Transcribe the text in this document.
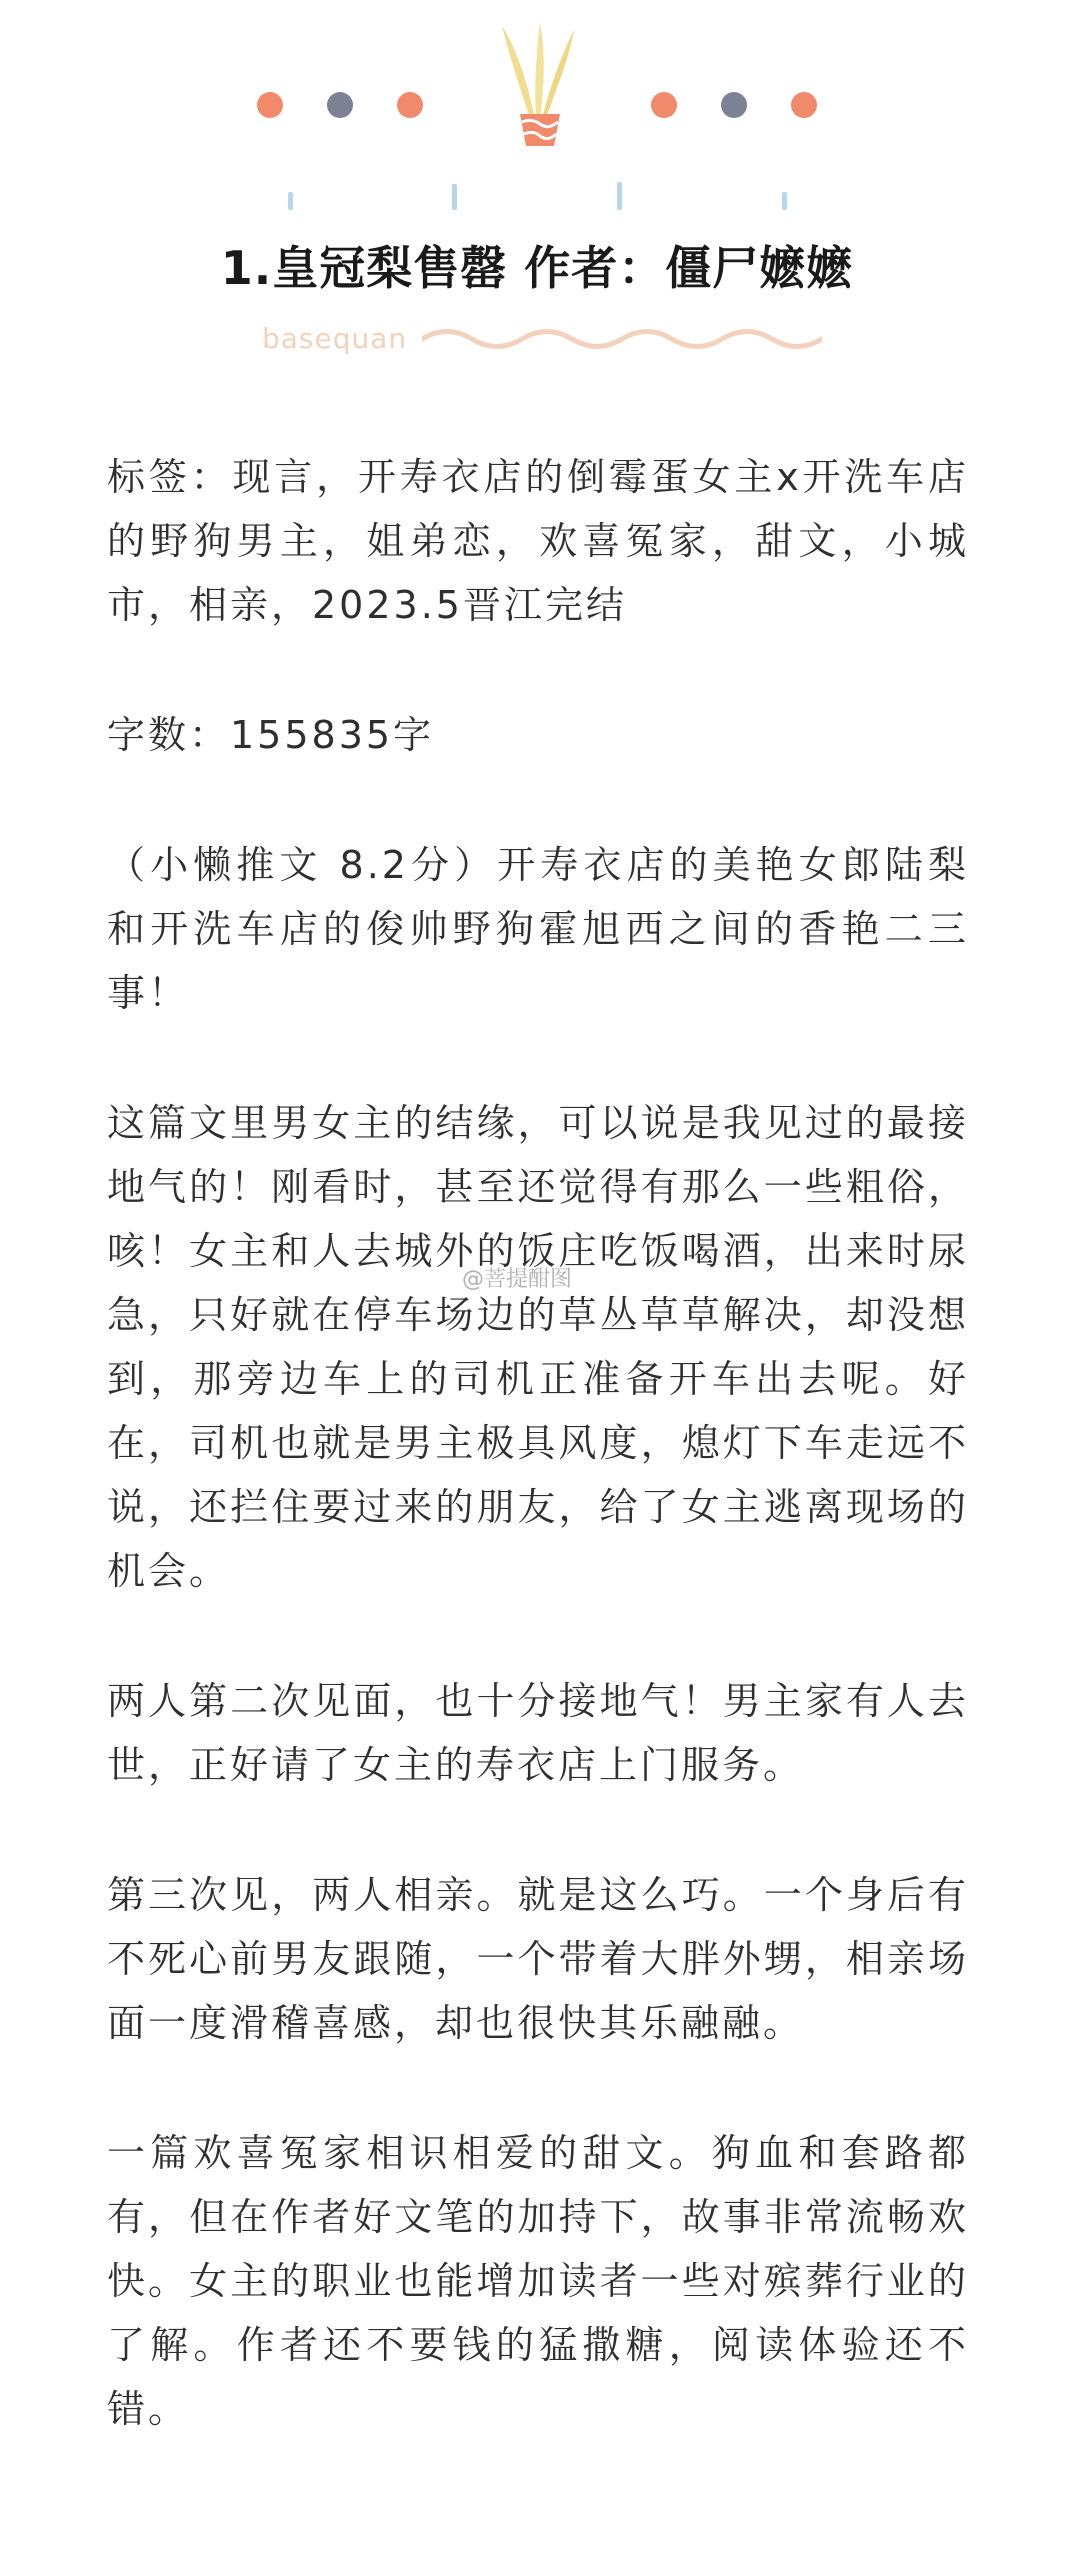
1.皇冠梨售罄 作者：僵尸嬷嬷
basequan

标签：现言，开寿衣店的倒霉蛋女主x开洗车店的野狗男主，姐弟恋，欢喜冤家，甜文，小城市，相亲，2023.5晋江完结

字数：155835字

（小懒推文 8.2分）开寿衣店的美艳女郎陆梨和开洗车店的俊帅野狗霍旭西之间的香艳二三事！

这篇文里男女主的结缘，可以说是我见过的最接地气的！刚看时，甚至还觉得有那么一些粗俗，咳！女主和人去城外的饭庄吃饭喝酒，出来时尿急，只好就在停车场边的草丛草草解决，却没想到，那旁边车上的司机正准备开车出去呢。好在，司机也就是男主极具风度，熄灯下车走远不说，还拦住要过来的朋友，给了女主逃离现场的机会。

两人第二次见面，也十分接地气！男主家有人去世，正好请了女主的寿衣店上门服务。

第三次见，两人相亲。就是这么巧。一个身后有不死心前男友跟随，一个带着大胖外甥，相亲场面一度滑稽喜感，却也很快其乐融融。

一篇欢喜冤家相识相爱的甜文。狗血和套路都有，但在作者好文笔的加持下，故事非常流畅欢快。女主的职业也能增加读者一些对殡葬行业的了解。作者还不要钱的猛撒糖，阅读体验还不错。

@菩提酣图
